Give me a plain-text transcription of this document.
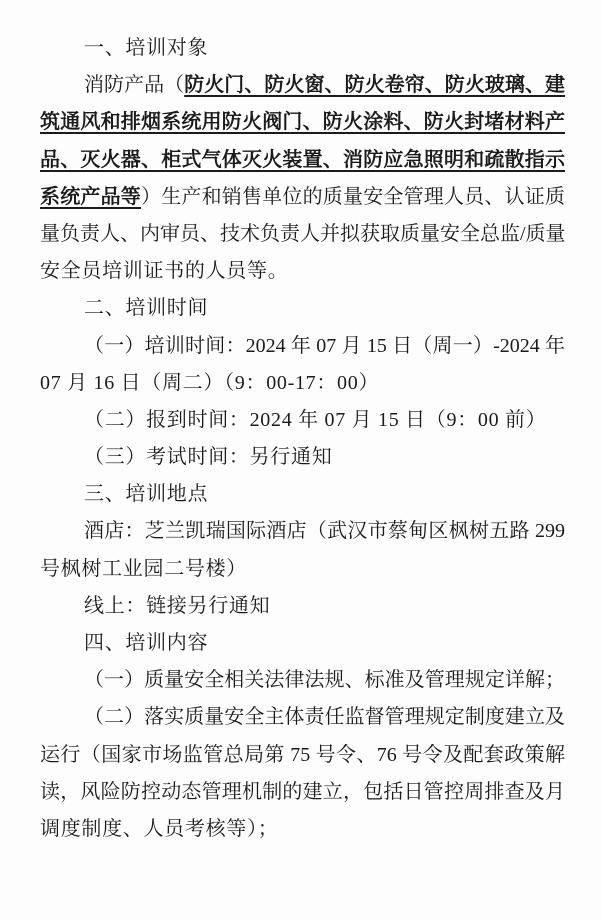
一、培训对象
消防产品（防火门、防火窗、防火卷帘、防火玻璃、建
筑通风和排烟系统用防火阀门、防火涂料、防火封堵材料产
品、灭火器、柜式气体灭火装置、消防应急照明和疏散指示
系统产品等）生产和销售单位的质量安全管理人员、认证质
量负责人、内审员、技术负责人并拟获取质量安全总监/质量
安全员培训证书的人员等。
二、培训时间
（一）培训时间：2024 年 07 月 15 日（周一）-2024 年
07 月 16 日（周二）（9：00-17：00）
（二）报到时间：2024 年 07 月 15 日（9：00 前）
（三）考试时间：另行通知
三、培训地点
酒店：芝兰凯瑞国际酒店（武汉市蔡甸区枫树五路 299
号枫树工业园二号楼）
线上：链接另行通知
四、培训内容
（一）质量安全相关法律法规、标准及管理规定详解；
（二）落实质量安全主体责任监督管理规定制度建立及
运行（国家市场监管总局第 75 号令、76 号令及配套政策解
读，风险防控动态管理机制的建立，包括日管控周排查及月
调度制度、人员考核等）；
